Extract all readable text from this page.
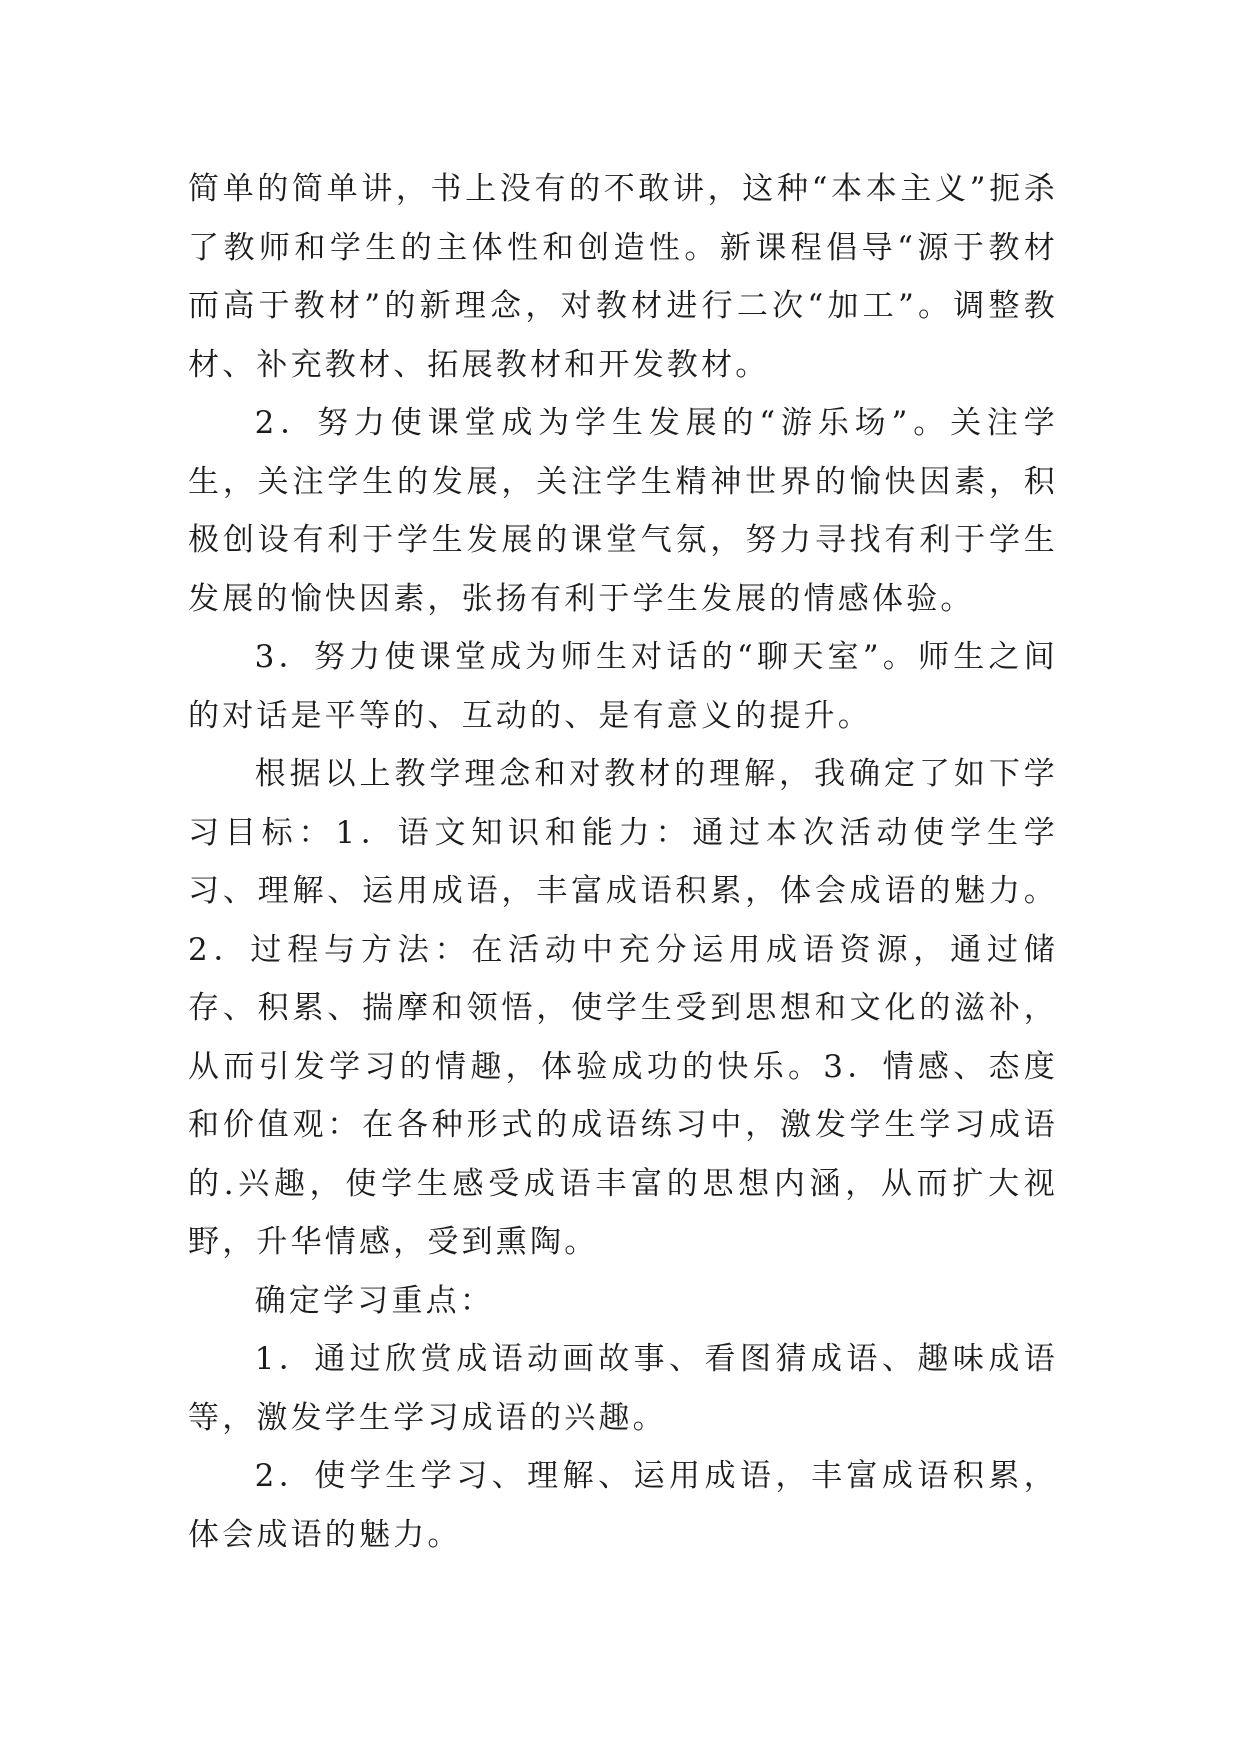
简单的简单讲，书上没有的不敢讲，这种“本本主义”扼杀了教师和学生的主体性和创造性。新课程倡导“源于教材而高于教材”的新理念，对教材进行二次“加工”。调整教材、补充教材、拓展教材和开发教材。

2．努力使课堂成为学生发展的“游乐场”。关注学生，关注学生的发展，关注学生精神世界的愉快因素，积极创设有利于学生发展的课堂气氛，努力寻找有利于学生发展的愉快因素，张扬有利于学生发展的情感体验。

3．努力使课堂成为师生对话的“聊天室”。师生之间的对话是平等的、互动的、是有意义的提升。

根据以上教学理念和对教材的理解，我确定了如下学习目标：1．语文知识和能力：通过本次活动使学生学习、理解、运用成语，丰富成语积累，体会成语的魅力。2．过程与方法：在活动中充分运用成语资源，通过储存、积累、揣摩和领悟，使学生受到思想和文化的滋补，从而引发学习的情趣，体验成功的快乐。3．情感、态度和价值观：在各种形式的成语练习中，激发学生学习成语的.兴趣，使学生感受成语丰富的思想内涵，从而扩大视野，升华情感，受到熏陶。

确定学习重点：

1．通过欣赏成语动画故事、看图猜成语、趣味成语等，激发学生学习成语的兴趣。

2．使学生学习、理解、运用成语，丰富成语积累，体会成语的魅力。
